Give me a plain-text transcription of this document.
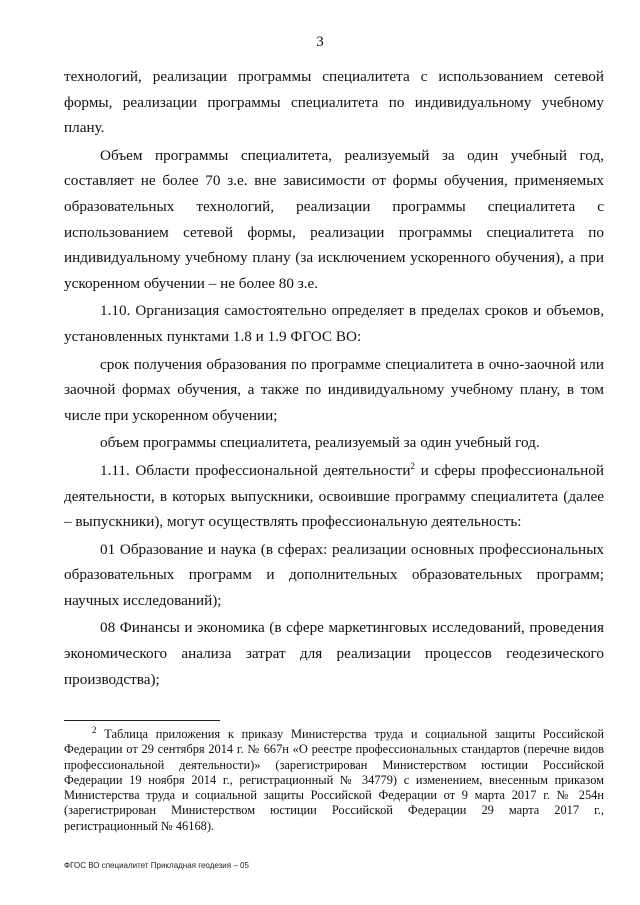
3

технологий, реализации программы специалитета с использованием сетевой формы, реализации программы специалитета по индивидуальному учебному плану.

Объем программы специалитета, реализуемый за один учебный год, составляет не более 70 з.е. вне зависимости от формы обучения, применяемых образовательных технологий, реализации программы специалитета с использованием сетевой формы, реализации программы специалитета по индивидуальному учебному плану (за исключением ускоренного обучения), а при ускоренном обучении – не более 80 з.е.

1.10. Организация самостоятельно определяет в пределах сроков и объемов, установленных пунктами 1.8 и 1.9 ФГОС ВО:

срок получения образования по программе специалитета в очно-заочной или заочной формах обучения, а также по индивидуальному учебному плану, в том числе при ускоренном обучении;

объем программы специалитета, реализуемый за один учебный год.

1.11. Области профессиональной деятельности$^2$ и сферы профессиональной деятельности, в которых выпускники, освоившие программу специалитета (далее – выпускники), могут осуществлять профессиональную деятельность:

01 Образование и наука (в сферах: реализации основных профессиональных образовательных программ и дополнительных образовательных программ; научных исследований);

08 Финансы и экономика (в сфере маркетинговых исследований, проведения экономического анализа затрат для реализации процессов геодезического производства);

$^2$ Таблица приложения к приказу Министерства труда и социальной защиты Российской Федерации от 29 сентября 2014 г. № 667н «О реестре профессиональных стандартов (перечне видов профессиональной деятельности)» (зарегистрирован Министерством юстиции Российской Федерации 19 ноября 2014 г., регистрационный № 34779) с изменением, внесенным приказом Министерства труда и социальной защиты Российской Федерации от 9 марта 2017 г. № 254н (зарегистрирован Министерством юстиции Российской Федерации 29 марта 2017 г., регистрационный № 46168).
ФГОС ВО специалитет Прикладная геодезия – 05
